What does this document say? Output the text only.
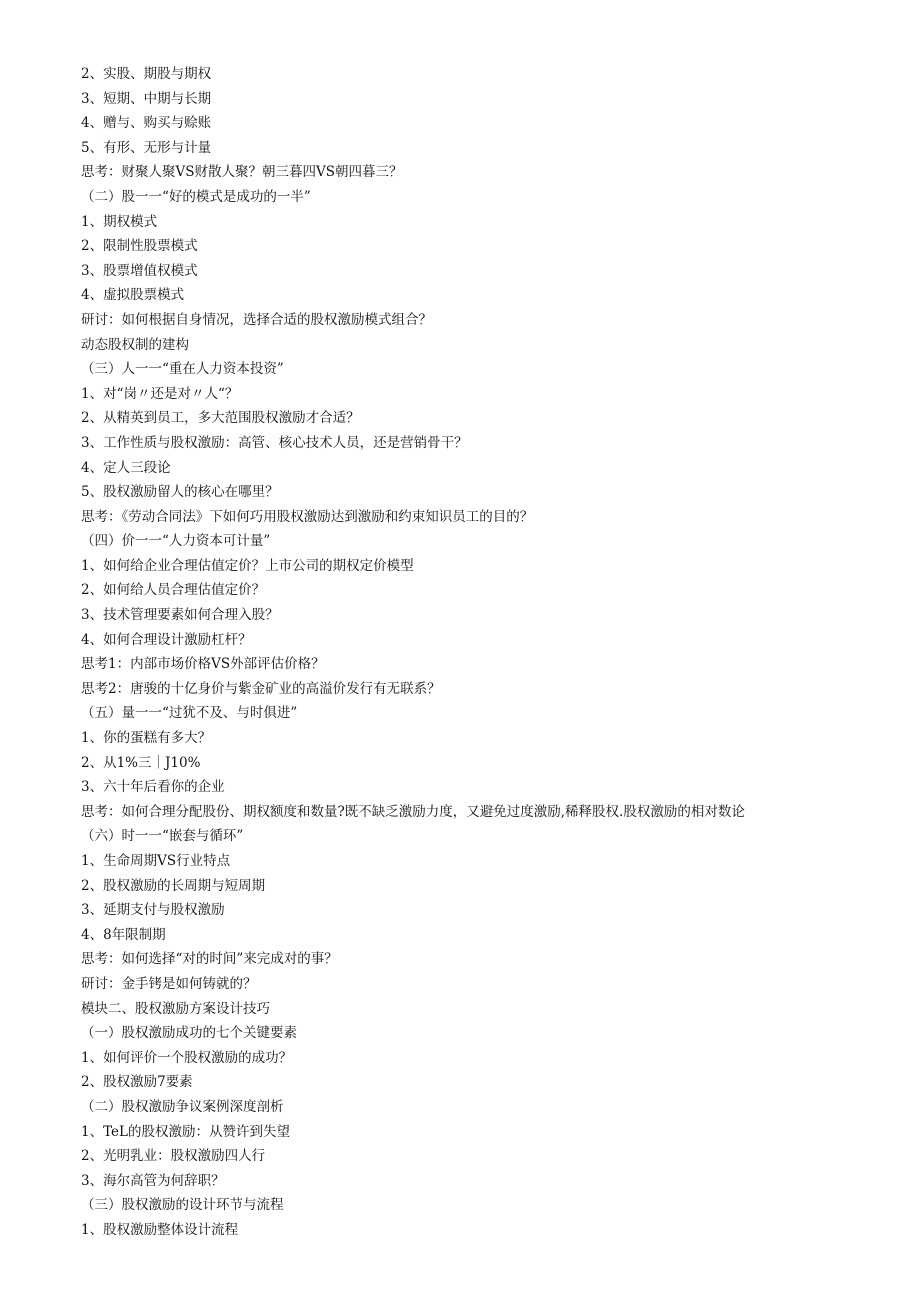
2、实股、期股与期权
3、短期、中期与长期
4、赠与、购买与赊账
5、有形、无形与计量
思考：财聚人聚VS财散人聚？朝三暮四VS朝四暮三？
（二）股一一“好的模式是成功的一半”
1、期权模式
2、限制性股票模式
3、股票增值权模式
4、虚拟股票模式
研讨：如何根据自身情况，选择合适的股权激励模式组合？
动态股权制的建构
（三）人一一“重在人力资本投资”
1、对“岗〃还是对〃人“？
2、从精英到员工，多大范围股权激励才合适？
3、工作性质与股权激励：高管、核心技术人员，还是营销骨干？
4、定人三段论
5、股权激励留人的核心在哪里？
思考：《劳动合同法》下如何巧用股权激励达到激励和约束知识员工的目的？
（四）价一一“人力资本可计量”
1、如何给企业合理估值定价？上市公司的期权定价模型
2、如何给人员合理估值定价？
3、技术管理要素如何合理入股？
4、如何合理设计激励杠杆？
思考1：内部市场价格VS外部评估价格？
思考2：唐骏的十亿身价与紫金矿业的高溢价发行有无联系？
（五）量一一“过犹不及、与时俱进”
1、你的蛋糕有多大？
2、从1%三｜J10%
3、六十年后看你的企业
思考：如何合理分配股份、期权额度和数量?既不缺乏激励力度，又避免过度激励,稀释股权.股权激励的相对数论
（六）时一一“嵌套与循环”
1、生命周期VS行业特点
2、股权激励的长周期与短周期
3、延期支付与股权激励
4、8年限制期
思考：如何选择“对的时间”来完成对的事？
研讨：金手铐是如何铸就的？
模块二、股权激励方案设计技巧
（一）股权激励成功的七个关键要素
1、如何评价一个股权激励的成功？
2、股权激励7要素
（二）股权激励争议案例深度剖析
1、TeL的股权激励：从赞许到失望
2、光明乳业：股权激励四人行
3、海尔高管为何辞职？
（三）股权激励的设计环节与流程
1、股权激励整体设计流程
